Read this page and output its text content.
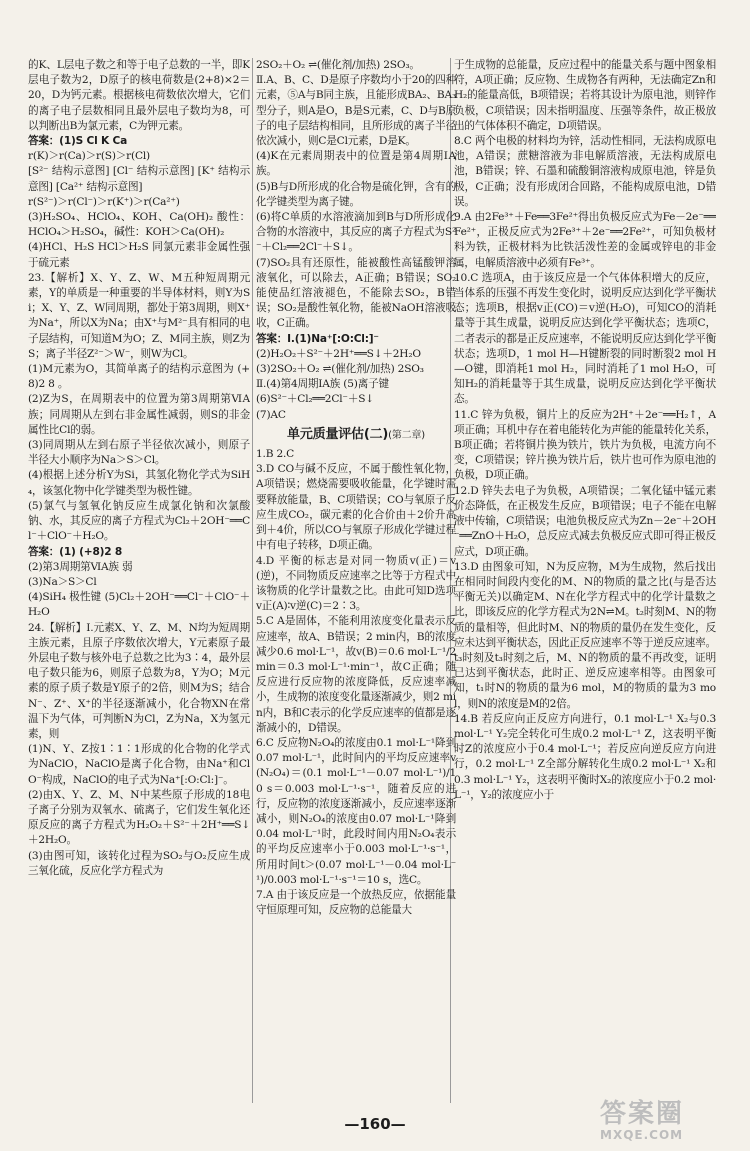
的K、L层电子数之和等于电子总数的一半，即K层电子数为2，D原子的核电荷数是(2+8)×2＝20，D为钙元素。根据核电荷数依次增大，它们的离子电子层数相同且最外层电子数均为8，可以判断出B为氯元素，C为钾元素。

答案：(1)S Cl K Ca

r(K)＞r(Ca)＞r(S)＞r(Cl)

[S²⁻ 结构示意图] [Cl⁻ 结构示意图] [K⁺ 结构示意图] [Ca²⁺ 结构示意图]

r(S²⁻)＞r(Cl⁻)＞r(K⁺)＞r(Ca²⁺)

(3)H₂SO₄、HClO₄、KOH、Ca(OH)₂ 酸性：HClO₄＞H₂SO₄，碱性：KOH＞Ca(OH)₂

(4)HCl、H₂S HCl＞H₂S 同氯元素非金属性强于硫元素

23.【解析】X、Y、Z、W、M五种短周期元素，Y的单质是一种重要的半导体材料，则Y为Si；X、Y、Z、W同周期，都处于第3周期，则X⁺为Na⁺，所以X为Na；由X⁺与M²⁻具有相同的电子层结构，可知道M为O；Z、M同主族，则Z为S；离子半径Z²⁻＞W⁻，则W为Cl。

(1)M元素为O，其简单离子的结构示意图为 (+8)2 8 。

(2)Z为S，在周期表中的位置为第3周期第ⅥA族；同周期从左到右非金属性减弱，则S的非金属性比Cl的弱。

(3)同周期从左到右原子半径依次减小，则原子半径大小顺序为Na＞S＞Cl。

(4)根据上述分析Y为Si，其氢化物化学式为SiH₄，该氢化物中化学键类型为极性键。

(5)氯气与氢氧化钠反应生成氯化钠和次氯酸钠、水，其反应的离子方程式为Cl₂＋2OH⁻══Cl⁻＋ClO⁻＋H₂O。

答案：(1) (+8)2 8

(2)第3周期第ⅥA族 弱

(3)Na＞S＞Cl

(4)SiH₄ 极性键 (5)Cl₂＋2OH⁻══Cl⁻＋ClO⁻＋H₂O

24.【解析】Ⅰ.元素X、Y、Z、M、N均为短周期主族元素，且原子序数依次增大，Y元素原子最外层电子数与核外电子总数之比为3∶4，最外层电子数只能为6，则原子总数为8，Y为O；M元素的原子质子数是Y原子的2倍，则M为S；结合N⁻、Z⁺、X⁺的半径逐渐减小，化合物XN在常温下为气体，可判断N为Cl，Z为Na，X为氢元素，则

(1)N、Y、Z按1∶1∶1形成的化合物的化学式为NaClO，NaClO是离子化合物，由Na⁺和ClO⁻构成，NaClO的电子式为Na⁺[:O:Cl:]⁻。

(2)由X、Y、Z、M、N中某些原子形成的18电子离子分别为双氧水、硫离子，它们发生氧化还原反应的离子方程式为H₂O₂＋S²⁻＋2H⁺══S↓＋2H₂O。

(3)由图可知，该转化过程为SO₂与O₂反应生成三氧化硫，反应化学方程式为

2SO₂＋O₂ ⇌(催化剂/加热) 2SO₃。

Ⅱ.A、B、C、D是原子序数均小于20的四种元素，⑤A与B同主族，且能形成BA₂、BA₃型分子，则A是O，B是S元素，C、D与B原子的电子层结构相同，且所形成的离子半径依次减小，则C是Cl元素，D是K。

(4)K在元素周期表中的位置是第4周期ⅠA族。

(5)B与D所形成的化合物是硫化钾，含有的化学键类型为离子键。

(6)将C单质的水溶液滴加到B与D所形成化合物的水溶液中，其反应的离子方程式为S²⁻＋Cl₂══2Cl⁻＋S↓。

(7)SO₂具有还原性，能被酸性高锰酸钾溶液氧化，可以除去，A正确；B错误；SO₂能使品红溶液褪色，不能除去SO₂，B错误；SO₂是酸性氧化物，能被NaOH溶液吸收，C正确。

答案：Ⅰ.(1)Na⁺[:O:Cl:]⁻

(2)H₂O₂＋S²⁻＋2H⁺══S↓＋2H₂O

(3)2SO₂＋O₂ ⇌(催化剂/加热) 2SO₃

Ⅱ.(4)第4周期ⅠA族 (5)离子键

(6)S²⁻＋Cl₂══2Cl⁻＋S↓

(7)AC

单元质量评估(二)(第二章)

1.B 2.C

3.D CO与碱不反应，不属于酸性氧化物，A项错误；燃烧需要吸收能量，化学键时需要释放能量，B、C项错误；CO与氧原子反应生成CO₂，碳元素的化合价由＋2价升高到＋4价，所以CO与氧原子形成化学键过程中有电子转移，D项正确。

4.D 平衡的标志是对同一物质v(正)＝v(逆)，不同物质反应速率之比等于方程式中该物质的化学计量数之比。由此可知D选项v正(A)∶v逆(C)＝2∶3。

5.C A是固体，不能利用浓度变化量表示反应速率，故A、B错误；2 min内，B的浓度减少0.6 mol·L⁻¹，故v(B)＝0.6 mol·L⁻¹/2 min＝0.3 mol·L⁻¹·min⁻¹，故C正确；随反应进行反应物的浓度降低，反应速率减小，生成物的浓度变化量逐渐减少，则2 min内，B和C表示的化学反应速率的值都是逐渐减小的，D错误。

6.C 反应物N₂O₄的浓度由0.1 mol·L⁻¹降到0.07 mol·L⁻¹，此时间内的平均反应速率v(N₂O₄)＝(0.1 mol·L⁻¹－0.07 mol·L⁻¹)/10 s＝0.003 mol·L⁻¹·s⁻¹，随着反应的进行，反应物的浓度逐渐减小，反应速率逐渐减小，则N₂O₄的浓度由0.07 mol·L⁻¹降到0.04 mol·L⁻¹时，此段时间内用N₂O₄表示的平均反应速率小于0.003 mol·L⁻¹·s⁻¹，所用时间t＞(0.07 mol·L⁻¹－0.04 mol·L⁻¹)/0.003 mol·L⁻¹·s⁻¹＝10 s，选C。

7.A 由于该反应是一个放热反应，依据能量守恒原理可知，反应物的总能量大

于生成物的总能量，反应过程中的能量关系与题中图象相符，A项正确；反应物、生成物各有两种，无法确定Zn和H₂的能量高低，B项错误；若将其设计为原电池，则锌作负极，C项错误；因未指明温度、压强等条件，故正极放出的气体体积不确定，D项错误。

8.C 两个电极的材料均为锌，活动性相同，无法构成原电池，A错误；蔗糖溶液为非电解质溶液，无法构成原电池，B错误；锌、石墨和硫酸铜溶液构成原电池，锌是负极，C正确；没有形成闭合回路，不能构成原电池，D错误。

9.A 由2Fe³⁺＋Fe══3Fe²⁺得出负极反应式为Fe－2e⁻══Fe²⁺，正极反应式为2Fe³⁺＋2e⁻══2Fe²⁺，可知负极材料为铁，正极材料为比铁活泼性差的金属或锌电的非金属，电解质溶液中必须有Fe³⁺。

10.C 选项A，由于该反应是一个气体体积增大的反应，当体系的压强不再发生变化时，说明反应达到化学平衡状态；选项B，根据v正(CO)＝v逆(H₂O)，可知CO的消耗量等于其生成量，说明反应达到化学平衡状态；选项C，二者表示的都是正反应速率，不能说明反应达到化学平衡状态；选项D，1 mol H—H键断裂的同时断裂2 mol H—O键，即消耗1 mol H₂，同时消耗了1 mol H₂O，可知H₂的消耗量等于其生成量，说明反应达到化学平衡状态。

11.C 锌为负极，铜片上的反应为2H⁺＋2e⁻══H₂↑，A项正确；耳机中存在着电能转化为声能的能量转化关系，B项正确；若将铜片换为铁片，铁片为负极，电流方向不变，C项错误；锌片换为铁片后，铁片也可作为原电池的负极，D项正确。

12.D 锌失去电子为负极，A项错误；二氧化锰中锰元素价态降低，在正极发生反应，B项错误；电子不能在电解液中传输，C项错误；电池负极反应式为Zn－2e⁻＋2OH⁻══ZnO＋H₂O，总反应式减去负极反应式即可得正极反应式，D项正确。

13.D 由图象可知，N为反应物，M为生成物，然后找出在相同时间段内变化的M、N的物质的量之比(与是否达平衡无关)以确定M、N在化学方程式中的化学计量数之比，即该反应的化学方程式为2N⇌M。t₂时刻M、N的物质的量相等，但此时M、N的物质的量仍在发生变化，反应未达到平衡状态，因此正反应速率不等于逆反应速率。t₃时刻及t₃时刻之后，M、N的物质的量不再改变，证明已达到平衡状态，此时正、逆反应速率相等。由图象可知，t₁时N的物质的量为6 mol，M的物质的量为3 mol，则N的浓度是M的2倍。

14.B 若反应向正反应方向进行，0.1 mol·L⁻¹ X₂与0.3 mol·L⁻¹ Y₂完全转化可生成0.2 mol·L⁻¹ Z，这表明平衡时Z的浓度应小于0.4 mol·L⁻¹；若反应向逆反应方向进行，0.2 mol·L⁻¹ Z全部分解转化生成0.2 mol·L⁻¹ X₂和0.3 mol·L⁻¹ Y₂，这表明平衡时X₂的浓度应小于0.2 mol·L⁻¹，Y₂的浓度应小于

—160—	答案圈
MXQE.COM
